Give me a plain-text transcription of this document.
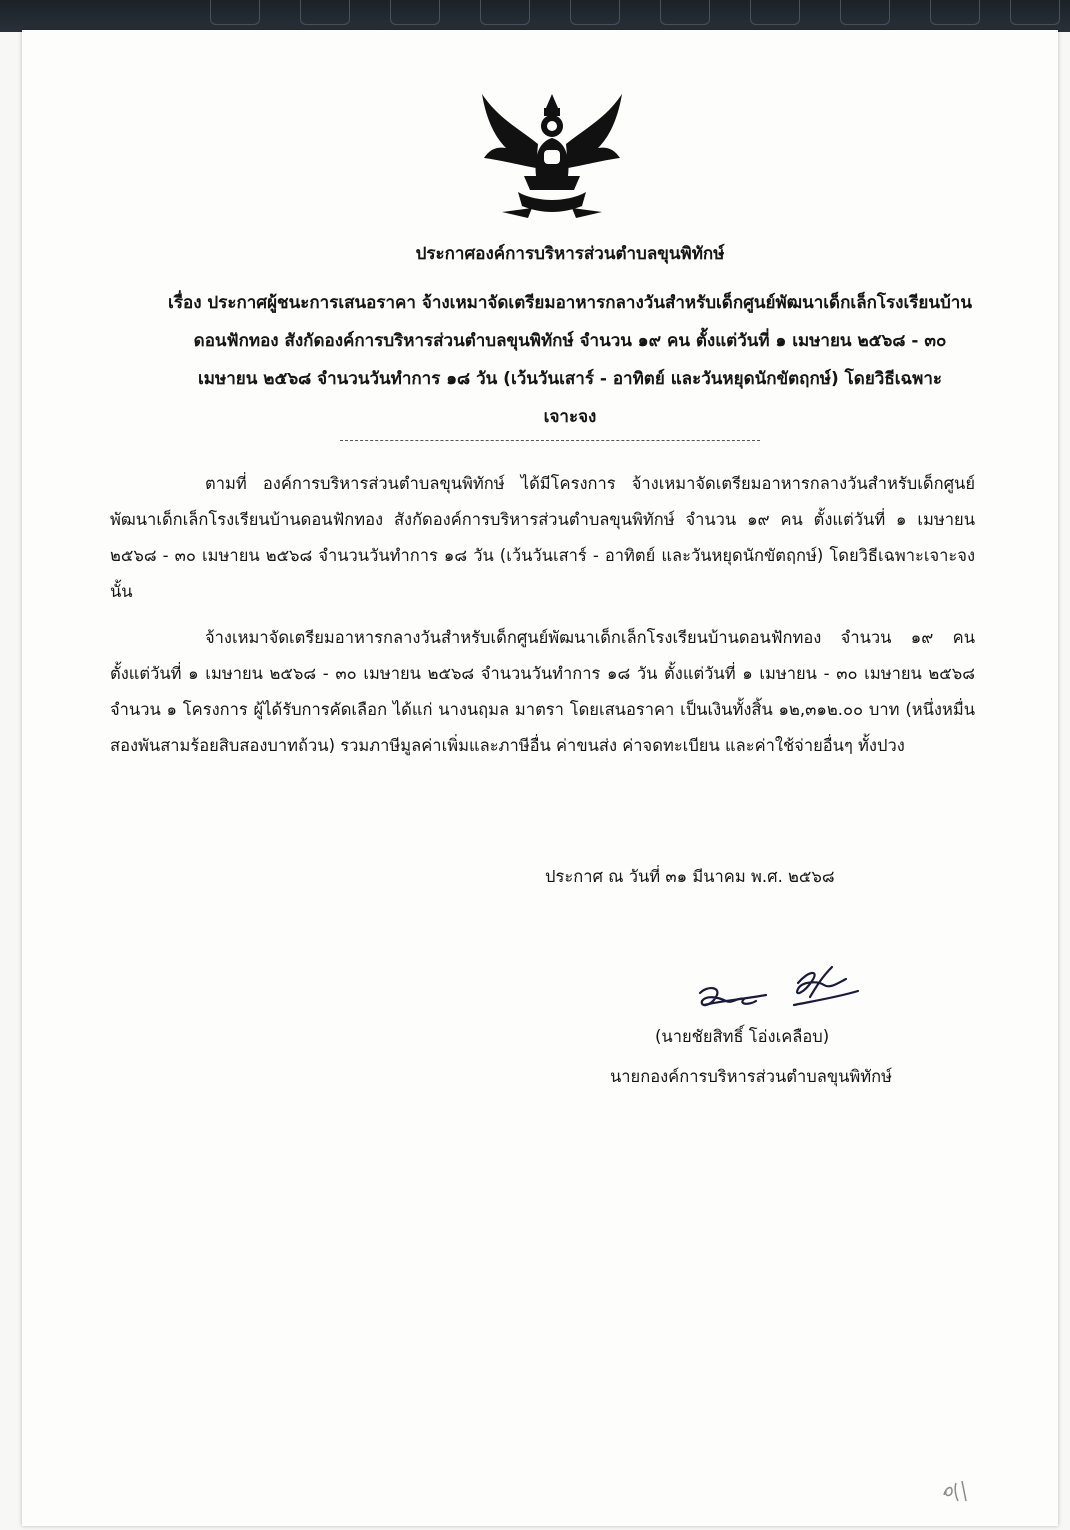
ประกาศองค์การบริหารส่วนตำบลขุนพิทักษ์
เรื่อง ประกาศผู้ชนะการเสนอราคา จ้างเหมาจัดเตรียมอาหารกลางวันสำหรับเด็กศูนย์พัฒนาเด็กเล็กโรงเรียนบ้าน
ดอนฟักทอง สังกัดองค์การบริหารส่วนตำบลขุนพิทักษ์ จำนวน ๑๙ คน ตั้งแต่วันที่ ๑ เมษายน ๒๕๖๘ - ๓๐
เมษายน ๒๕๖๘ จำนวนวันทำการ ๑๘ วัน (เว้นวันเสาร์ - อาทิตย์ และวันหยุดนักขัตฤกษ์) โดยวิธีเฉพาะ
เจาะจง
ตามที่ องค์การบริหารส่วนตำบลขุนพิทักษ์ ได้มีโครงการ จ้างเหมาจัดเตรียมอาหารกลางวันสำหรับเด็กศูนย์พัฒนาเด็กเล็กโรงเรียนบ้านดอนฟักทอง สังกัดองค์การบริหารส่วนตำบลขุนพิทักษ์ จำนวน ๑๙ คน ตั้งแต่วันที่ ๑ เมษายน ๒๕๖๘ - ๓๐ เมษายน ๒๕๖๘ จำนวนวันทำการ ๑๘ วัน (เว้นวันเสาร์ - อาทิตย์ และวันหยุดนักขัตฤกษ์) โดยวิธีเฉพาะเจาะจง นั้น
จ้างเหมาจัดเตรียมอาหารกลางวันสำหรับเด็กศูนย์พัฒนาเด็กเล็กโรงเรียนบ้านดอนฟักทอง จำนวน ๑๙ คน ตั้งแต่วันที่ ๑ เมษายน ๒๕๖๘ - ๓๐ เมษายน ๒๕๖๘ จำนวนวันทำการ ๑๘ วัน ตั้งแต่วันที่ ๑ เมษายน - ๓๐ เมษายน ๒๕๖๘ จำนวน ๑ โครงการ ผู้ได้รับการคัดเลือก ได้แก่ นางนฤมล มาตรา โดยเสนอราคา เป็นเงินทั้งสิ้น ๑๒,๓๑๒.๐๐ บาท (หนึ่งหมื่นสองพันสามร้อยสิบสองบาทถ้วน) รวมภาษีมูลค่าเพิ่มและภาษีอื่น ค่าขนส่ง ค่าจดทะเบียน และค่าใช้จ่ายอื่นๆ ทั้งปวง
ประกาศ ณ วันที่ ๓๑ มีนาคม พ.ศ. ๒๕๖๘
(นายชัยสิทธิ์ โอ่งเคลือบ)
นายกองค์การบริหารส่วนตำบลขุนพิทักษ์
